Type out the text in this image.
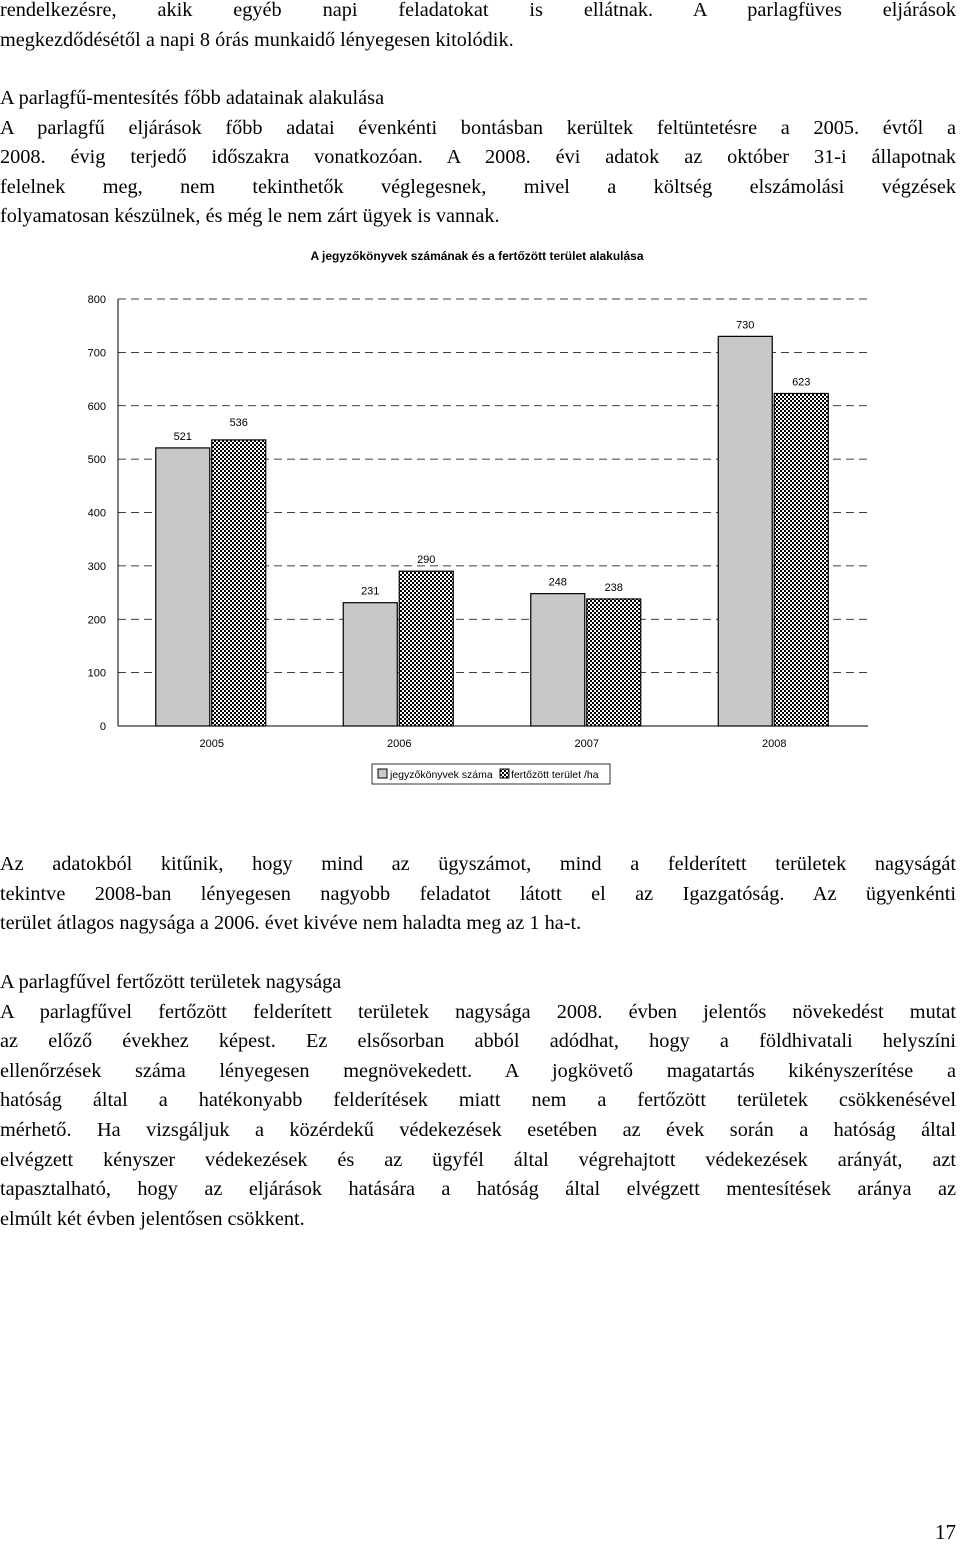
rendelkezésre, akik egyéb napi feladatokat is ellátnak. A parlagfüves eljárások
megkezdődésétől a napi 8 órás munkaidő lényegesen kitolódik.
A parlagfű-mentesítés főbb adatainak alakulása
A parlagfű eljárások főbb adatai évenkénti bontásban kerültek feltüntetésre a 2005. évtől a
2008. évig terjedő időszakra vonatkozóan. A 2008. évi adatok az október 31-i állapotnak
felelnek meg, nem tekinthetők véglegesnek, mivel a költség elszámolási végzések
folyamatosan készülnek, és még le nem zárt ügyek is vannak.
A jegyzőkönyvek számának és a fertőzött terület alakulása
521
536
231
290
248	238
730
623
0
100
200
300
400
500
600
700
800
2005	2006	2007	2008
jegyzőkönyvek száma fertőzött terület /ha
Az adatokból kitűnik, hogy mind az ügyszámot, mind a felderített területek nagyságát
tekintve 2008-ban lényegesen nagyobb feladatot látott el az Igazgatóság. Az ügyenkénti
terület átlagos nagysága a 2006. évet kivéve nem haladta meg az 1 ha-t.
A parlagfűvel fertőzött területek nagysága
A parlagfűvel fertőzött felderített területek nagysága 2008. évben jelentős növekedést mutat
az előző évekhez képest. Ez elsősorban abból adódhat, hogy a földhivatali helyszíni
ellenőrzések száma lényegesen megnövekedett. A jogkövető magatartás kikényszerítése a
hatóság által a hatékonyabb felderítések miatt nem a fertőzött területek csökkenésével
mérhető. Ha vizsgáljuk a közérdekű védekezések esetében az évek során a hatóság által
elvégzett kényszer védekezések és az ügyfél által végrehajtott védekezések arányát, azt
tapasztalható, hogy az eljárások hatására a hatóság által elvégzett mentesítések aránya az
elmúlt két évben jelentősen csökkent.
17
